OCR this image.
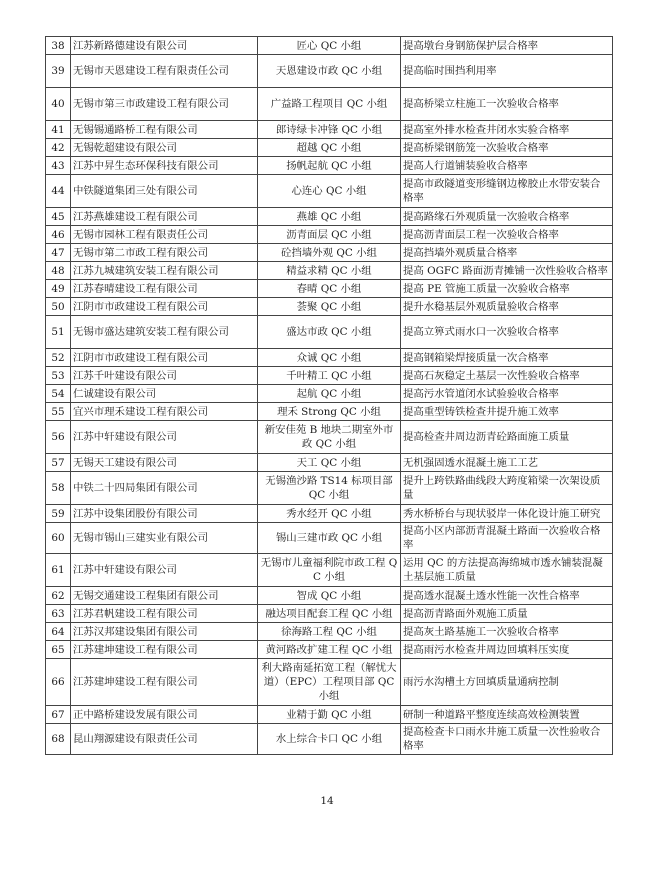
38	江苏新路德建设有限公司	匠心 QC 小组	提高墩台身钢筋保护层合格率
39	无锡市天恩建设工程有限责任公司	天恩建设市政 QC 小组	提高临时围挡利用率
40	无锡市第三市政建设工程有限公司	广益路工程项目 QC 小组	提高桥梁立柱施工一次验收合格率
41	无锡锡通路桥工程有限公司	郎诗绿卡冲锋 QC 小组	提高室外排水检查井闭水实验合格率
42	无锡乾超建设有限公司	超越 QC 小组	提高桥梁钢筋笼一次验收合格率
43	江苏中昇生态环保科技有限公司	扬帆起航 QC 小组	提高人行道铺装验收合格率
44	中铁隧道集团三处有限公司	心连心 QC 小组	提高市政隧道变形缝钢边橡胶止水带安装合格率
45	江苏燕雄建设工程有限公司	燕雄 QC 小组	提高路缘石外观质量一次验收合格率
46	无锡市园林工程有限责任公司	沥青面层 QC 小组	提高沥青面层工程一次验收合格率
47	无锡市第二市政工程有限公司	砼挡墙外观 QC 小组	提高挡墙外观质量合格率
48	江苏九城建筑安装工程有限公司	精益求精 QC 小组	提高 OGFC 路面沥青摊铺一次性验收合格率
49	江苏春晴建设工程有限公司	春晴 QC 小组	提高 PE 管施工质量一次验收合格率
50	江阴市市政建设工程有限公司	荟聚 QC 小组	提升水稳基层外观质量验收合格率
51	无锡市盛达建筑安装工程有限公司	盛达市政 QC 小组	提高立箅式雨水口一次验收合格率
52	江阴市市政建设工程有限公司	众诚 QC 小组	提高钢箱梁焊接质量一次合格率
53	江苏千叶建设有限公司	千叶精工 QC 小组	提高石灰稳定土基层一次性验收合格率
54	仁诚建设有限公司	起航 QC 小组	提高污水管道闭水试验验收合格率
55	宜兴市理禾建设工程有限公司	理禾 Strong QC 小组	提高重型铸铁检查井提升施工效率
56	江苏中轩建设有限公司	新安佳苑 B 地块二期室外市政 QC 小组	提高检查井周边沥青砼路面施工质量
57	无锡天工建设有限公司	天工 QC 小组	无机强固透水混凝土施工工艺
58	中铁二十四局集团有限公司	无锡渔沙路 TS14 标项目部 QC 小组	提升上跨铁路曲线段大跨度箱梁一次架设质量
59	江苏中设集团股份有限公司	秀水经开 QC 小组	秀水桥桥台与现状驳岸一体化设计施工研究
60	无锡市锡山三建实业有限公司	锡山三建市政 QC 小组	提高小区内部沥青混凝土路面一次验收合格率
61	江苏中轩建设有限公司	无锡市儿童福利院市政工程 QC 小组	运用 QC 的方法提高海绵城市透水铺装混凝土基层施工质量
62	无锡交通建设工程集团有限公司	智成 QC 小组	提高透水混凝土透水性能一次性合格率
63	江苏君帆建设工程有限公司	融达项目配套工程 QC 小组	提高沥青路面外观施工质量
64	江苏汉邦建设集团有限公司	徐海路工程 QC 小组	提高灰土路基施工一次验收合格率
65	江苏建坤建设工程有限公司	黄河路改扩建工程 QC 小组	提高雨污水检查井周边回填料压实度
66	江苏建坤建设工程有限公司	利大路南延拓宽工程（解忧大道）（EPC）工程项目部 QC 小组	雨污水沟槽土方回填质量通病控制
67	正中路桥建设发展有限公司	业精于勤 QC 小组	研制一种道路平整度连续高效检测装置
68	昆山翔源建设有限责任公司	水上综合卡口 QC 小组	提高检查卡口雨水井施工质量一次性验收合格率
14
